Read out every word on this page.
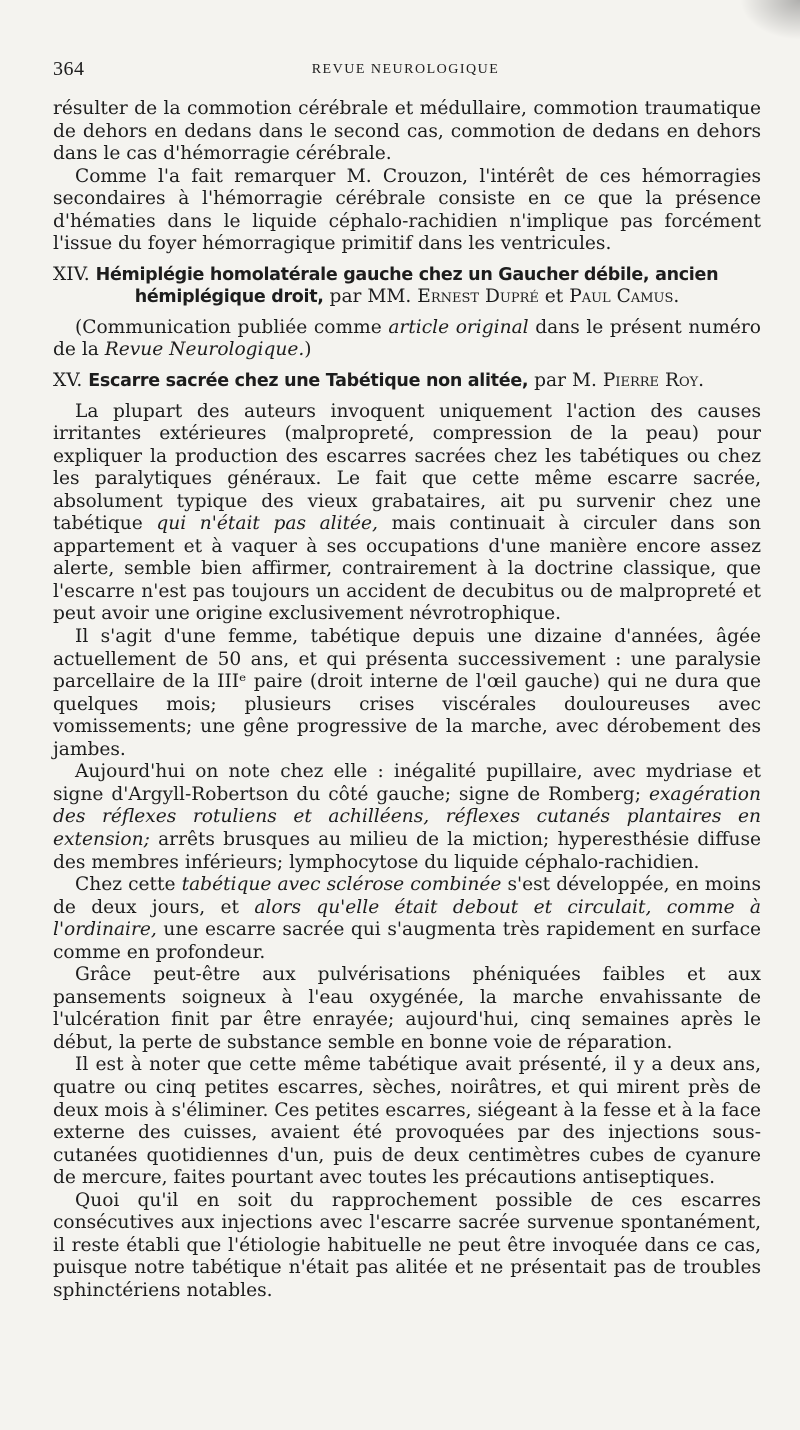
364	REVUE NEUROLOGIQUE

résulter de la commotion cérébrale et médullaire, commotion traumatique de dehors en dedans dans le second cas, commotion de dedans en dehors dans le cas d'hémorragie cérébrale.

Comme l'a fait remarquer M. Crouzon, l'intérêt de ces hémorragies secondaires à l'hémorragie cérébrale consiste en ce que la présence d'hématies dans le liquide céphalo-rachidien n'implique pas forcément l'issue du foyer hémorragique primitif dans les ventricules.

XIV. Hémiplégie homolatérale gauche chez un Gaucher débile, ancien

hémiplégique droit, par MM. Ernest Dupré et Paul Camus.

(Communication publiée comme article original dans le présent numéro de la Revue Neurologique.)

XV. Escarre sacrée chez une Tabétique non alitée, par M. Pierre Roy.

La plupart des auteurs invoquent uniquement l'action des causes irritantes extérieures (malpropreté, compression de la peau) pour expliquer la production des escarres sacrées chez les tabétiques ou chez les paralytiques généraux. Le fait que cette même escarre sacrée, absolument typique des vieux grabataires, ait pu survenir chez une tabétique qui n'était pas alitée, mais continuait à circuler dans son appartement et à vaquer à ses occupations d'une manière encore assez alerte, semble bien affirmer, contrairement à la doctrine classique, que l'escarre n'est pas toujours un accident de decubitus ou de malpropreté et peut avoir une origine exclusivement névrotrophique.

Il s'agit d'une femme, tabétique depuis une dizaine d'années, âgée actuellement de 50 ans, et qui présenta successivement : une paralysie parcellaire de la IIIᵉ paire (droit interne de l'œil gauche) qui ne dura que quelques mois; plusieurs crises viscérales douloureuses avec vomissements; une gêne progressive de la marche, avec dérobement des jambes.

Aujourd'hui on note chez elle : inégalité pupillaire, avec mydriase et signe d'Argyll-Robertson du côté gauche; signe de Romberg; exagération des réflexes rotuliens et achilléens, réflexes cutanés plantaires en extension; arrêts brusques au milieu de la miction; hyperesthésie diffuse des membres inférieurs; lymphocytose du liquide céphalo-rachidien.

Chez cette tabétique avec sclérose combinée s'est développée, en moins de deux jours, et alors qu'elle était debout et circulait, comme à l'ordinaire, une escarre sacrée qui s'augmenta très rapidement en surface comme en profondeur.

Grâce peut-être aux pulvérisations phéniquées faibles et aux pansements soigneux à l'eau oxygénée, la marche envahissante de l'ulcération finit par être enrayée; aujourd'hui, cinq semaines après le début, la perte de substance semble en bonne voie de réparation.

Il est à noter que cette même tabétique avait présenté, il y a deux ans, quatre ou cinq petites escarres, sèches, noirâtres, et qui mirent près de deux mois à s'éliminer. Ces petites escarres, siégeant à la fesse et à la face externe des cuisses, avaient été provoquées par des injections sous-cutanées quotidiennes d'un, puis de deux centimètres cubes de cyanure de mercure, faites pourtant avec toutes les précautions antiseptiques.

Quoi qu'il en soit du rapprochement possible de ces escarres consécutives aux injections avec l'escarre sacrée survenue spontanément, il reste établi que l'étiologie habituelle ne peut être invoquée dans ce cas, puisque notre tabétique n'était pas alitée et ne présentait pas de troubles sphinctériens notables.
